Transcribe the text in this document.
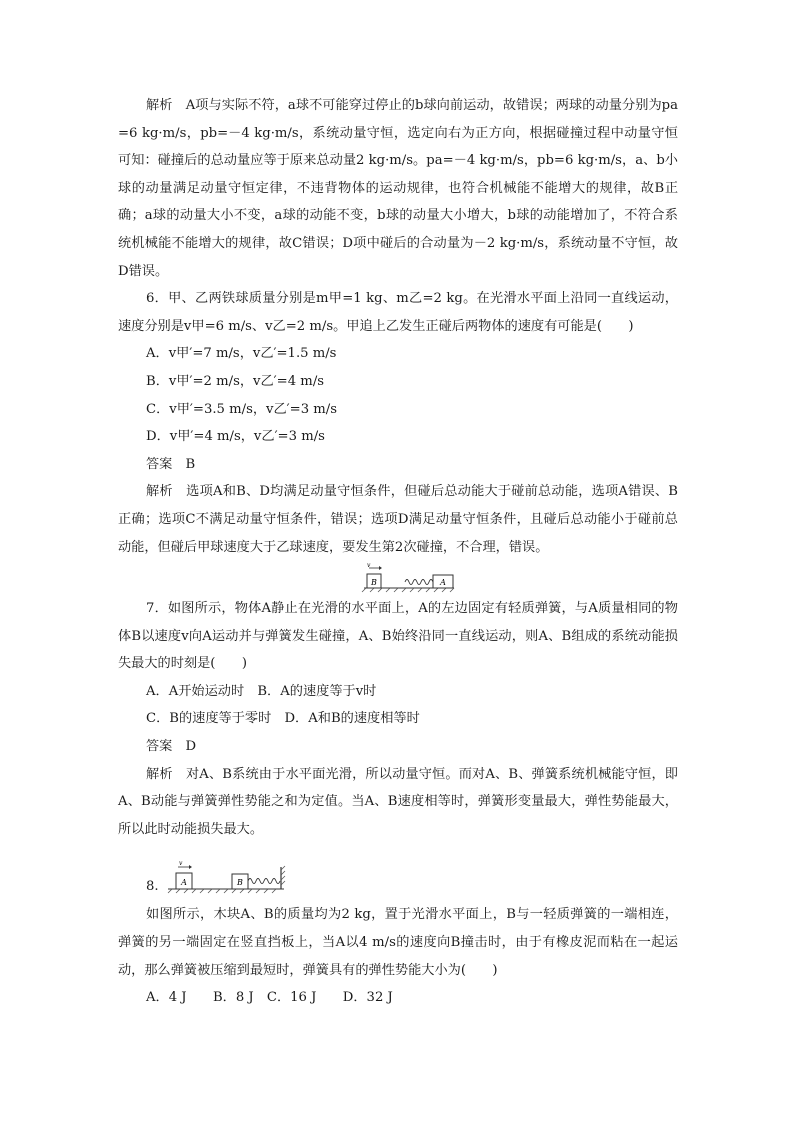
解析　A项与实际不符，a球不可能穿过停止的b球向前运动，故错误；两球的动量分别为pa=6 kg·m/s，pb=－4 kg·m/s，系统动量守恒，选定向右为正方向，根据碰撞过程中动量守恒可知：碰撞后的总动量应等于原来总动量2 kg·m/s。pa=－4 kg·m/s，pb=6 kg·m/s，a、b小球的动量满足动量守恒定律，不违背物体的运动规律，也符合机械能不能增大的规律，故B正确；a球的动量大小不变，a球的动能不变，b球的动量大小增大，b球的动能增加了，不符合系统机械能不能增大的规律，故C错误；D项中碰后的合动量为－2 kg·m/s，系统动量不守恒，故D错误。

6．甲、乙两铁球质量分别是m甲=1 kg、m乙=2 kg。在光滑水平面上沿同一直线运动，速度分别是v甲=6 m/s、v乙=2 m/s。甲追上乙发生正碰后两物体的速度有可能是(　　)

A．v甲′=7 m/s，v乙′=1.5 m/s

B．v甲′=2 m/s，v乙′=4 m/s

C．v甲′=3.5 m/s，v乙′=3 m/s

D．v甲′=4 m/s，v乙′=3 m/s

答案　B

解析　选项A和B、D均满足动量守恒条件，但碰后总动能大于碰前总动能，选项A错误、B正确；选项C不满足动量守恒条件，错误；选项D满足动量守恒条件，且碰后总动能小于碰前总动能，但碰后甲球速度大于乙球速度，要发生第2次碰撞，不合理，错误。

B
v
A

7．如图所示，物体A静止在光滑的水平面上，A的左边固定有轻质弹簧，与A质量相同的物体B以速度v向A运动并与弹簧发生碰撞，A、B始终沿同一直线运动，则A、B组成的系统动能损失最大的时刻是(　　)

A．A开始运动时　B．A的速度等于v时

C．B的速度等于零时　D．A和B的速度相等时

答案　D

解析　对A、B系统由于水平面光滑，所以动量守恒。而对A、B、弹簧系统机械能守恒，即A、B动能与弹簧弹性势能之和为定值。当A、B速度相等时，弹簧形变量最大，弹性势能最大，所以此时动能损失最大。

8.	A
v
B

如图所示，木块A、B的质量均为2 kg，置于光滑水平面上，B与一轻质弹簧的一端相连，弹簧的另一端固定在竖直挡板上，当A以4 m/s的速度向B撞击时，由于有橡皮泥而粘在一起运动，那么弹簧被压缩到最短时，弹簧具有的弹性势能大小为(　　)

A．4 J　　B．8 J　C．16 J　　D．32 J
